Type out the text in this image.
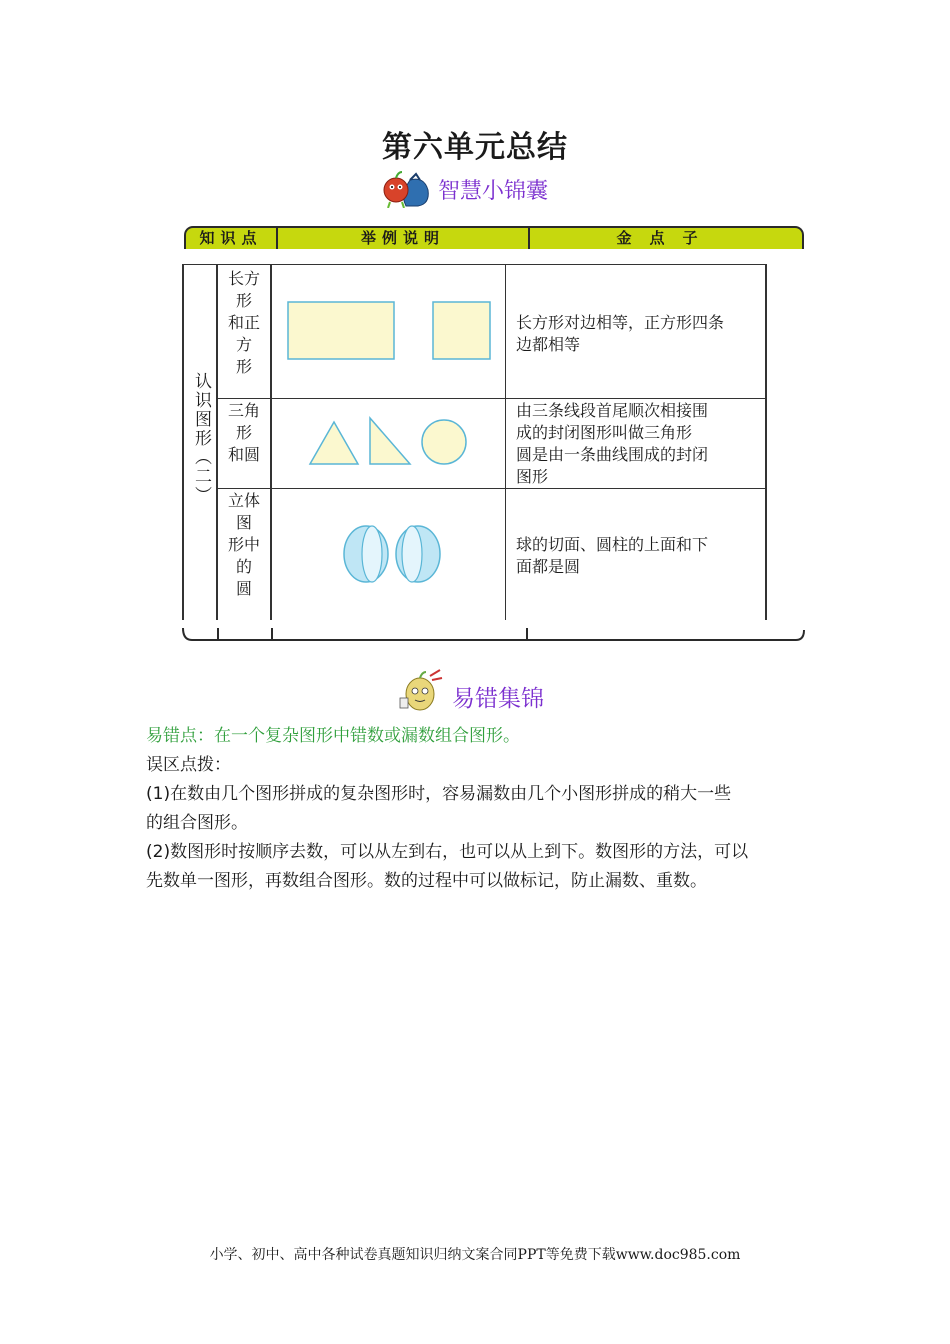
第六单元总结
智慧小锦囊
知识点	举例说明	金点子
认识图形（二）
长方
形
和正
方
形
长方形对边相等，正方形四条
边都相等
三角
形
和圆
由三条线段首尾顺次相接围
成的封闭图形叫做三角形
圆是由一条曲线围成的封闭
图形
立体
图
形中
的
圆
球的切面、圆柱的上面和下
面都是圆
易错集锦
易错点：在一个复杂图形中错数或漏数组合图形。
误区点拨：
(1)在数由几个图形拼成的复杂图形时，容易漏数由几个小图形拼成的稍大一些
的组合图形。
(2)数图形时按顺序去数，可以从左到右，也可以从上到下。数图形的方法，可以
先数单一图形，再数组合图形。数的过程中可以做标记，防止漏数、重数。
小学、初中、高中各种试卷真题知识归纳文案合同PPT等免费下载www.doc985.com
